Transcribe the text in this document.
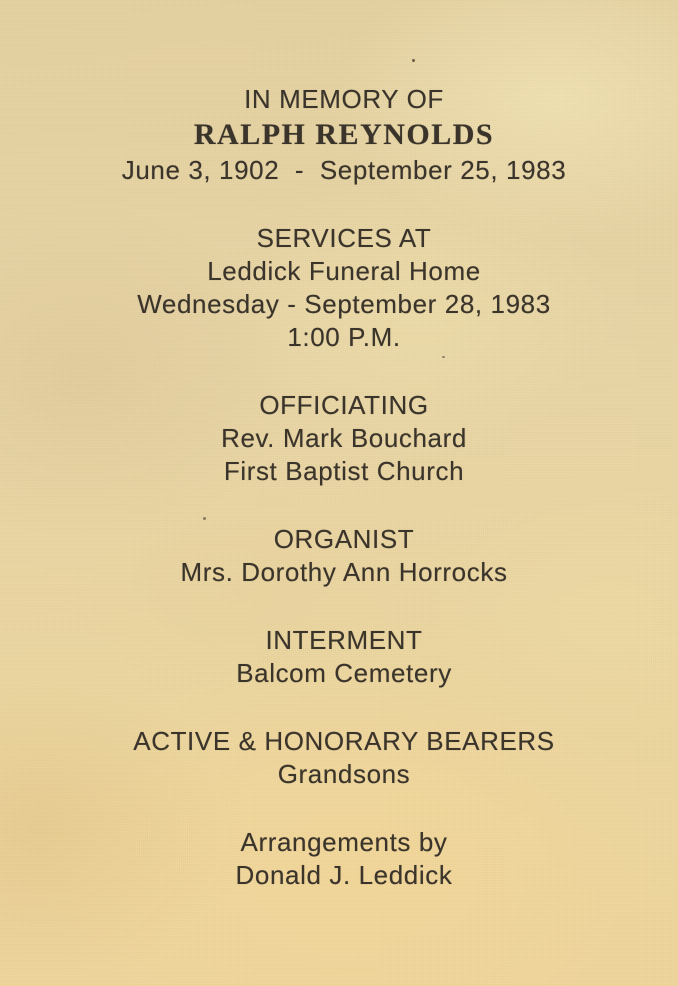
IN MEMORY OF
RALPH REYNOLDS
June 3, 1902  -  September 25, 1983
SERVICES AT
Leddick Funeral Home
Wednesday - September 28, 1983
1:00 P.M.
OFFICIATING
Rev. Mark Bouchard
First Baptist Church
ORGANIST
Mrs. Dorothy Ann Horrocks
INTERMENT
Balcom Cemetery
ACTIVE & HONORARY BEARERS
Grandsons
Arrangements by
Donald J. Leddick
